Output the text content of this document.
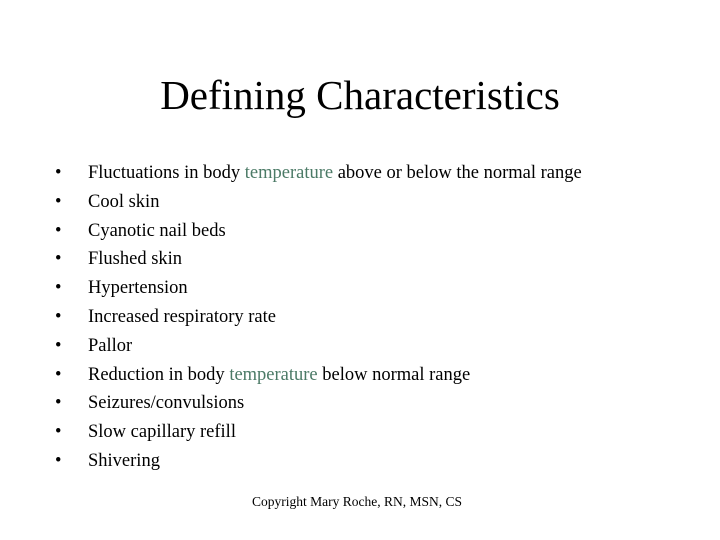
Defining Characteristics
•	Fluctuations in body temperature above or below the normal range
•	Cool skin
•	Cyanotic nail beds
•	Flushed skin
•	Hypertension
•	Increased respiratory rate
•	Pallor
•	Reduction in body temperature below normal range
•	Seizures/convulsions
•	Slow capillary refill
•	Shivering
Copyright Mary Roche, RN, MSN, CS
